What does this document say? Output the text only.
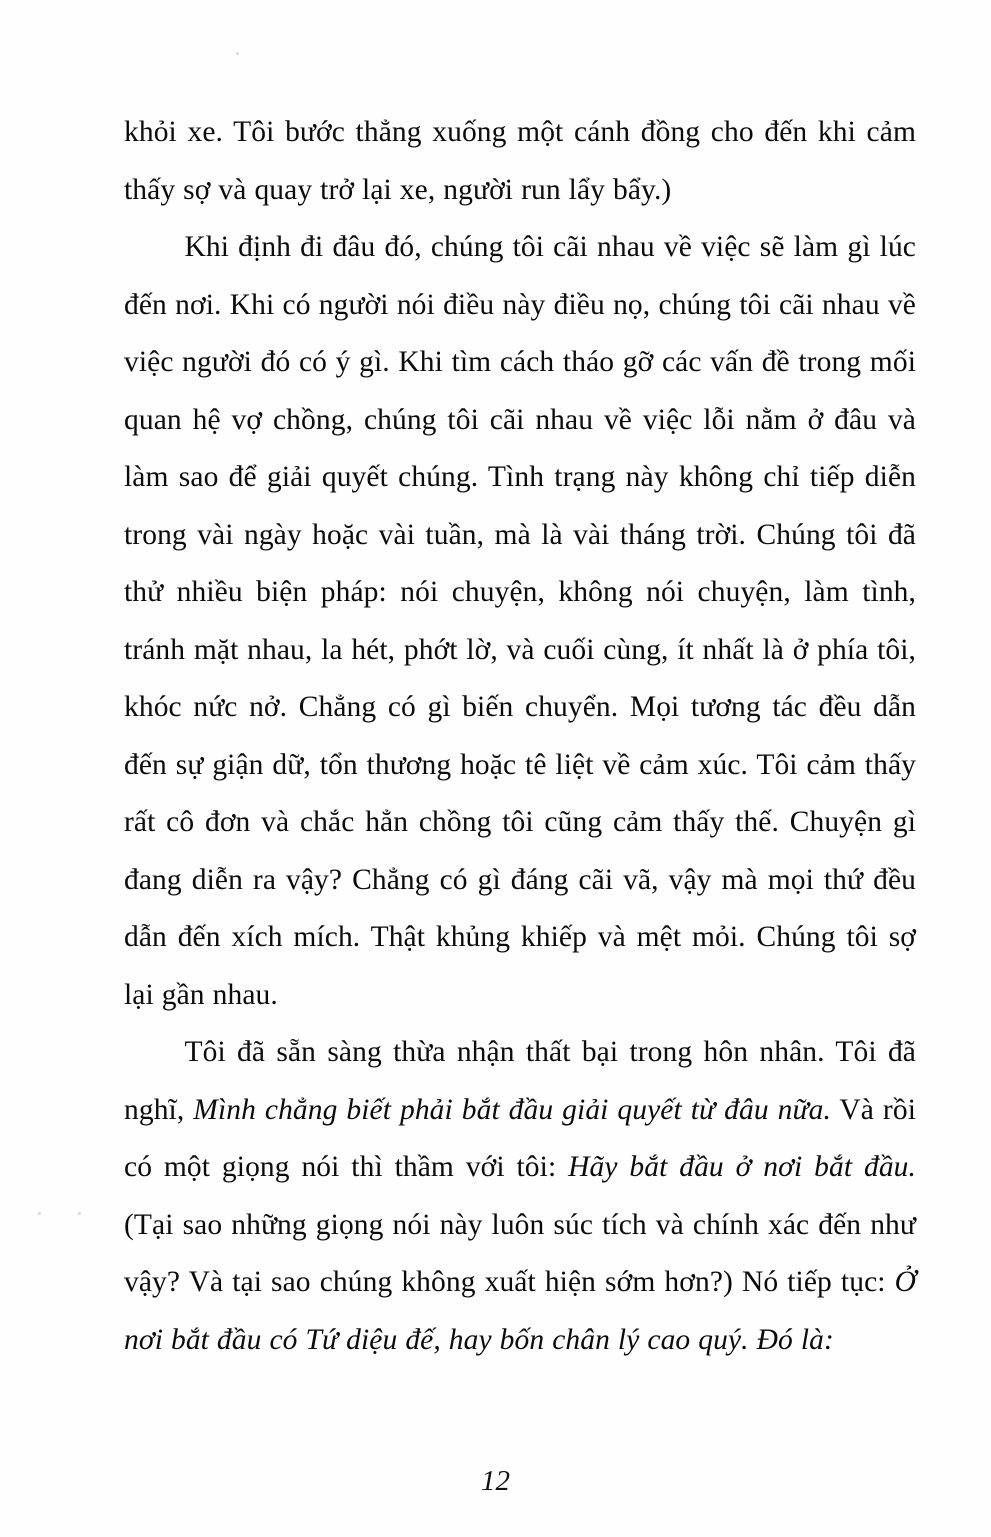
khỏi xe. Tôi bước thẳng xuống một cánh đồng cho đến khi cảm thấy sợ và quay trở lại xe, người run lẩy bẩy.)

Khi định đi đâu đó, chúng tôi cãi nhau về việc sẽ làm gì lúc đến nơi. Khi có người nói điều này điều nọ, chúng tôi cãi nhau về việc người đó có ý gì. Khi tìm cách tháo gỡ các vấn đề trong mối quan hệ vợ chồng, chúng tôi cãi nhau về việc lỗi nằm ở đâu và làm sao để giải quyết chúng. Tình trạng này không chỉ tiếp diễn trong vài ngày hoặc vài tuần, mà là vài tháng trời. Chúng tôi đã thử nhiều biện pháp: nói chuyện, không nói chuyện, làm tình, tránh mặt nhau, la hét, phớt lờ, và cuối cùng, ít nhất là ở phía tôi, khóc nức nở. Chẳng có gì biến chuyển. Mọi tương tác đều dẫn đến sự giận dữ, tổn thương hoặc tê liệt về cảm xúc. Tôi cảm thấy rất cô đơn và chắc hẳn chồng tôi cũng cảm thấy thế. Chuyện gì đang diễn ra vậy? Chẳng có gì đáng cãi vã, vậy mà mọi thứ đều dẫn đến xích mích. Thật khủng khiếp và mệt mỏi. Chúng tôi sợ lại gần nhau.

Tôi đã sẵn sàng thừa nhận thất bại trong hôn nhân. Tôi đã nghĩ, Mình chẳng biết phải bắt đầu giải quyết từ đâu nữa. Và rồi có một giọng nói thì thầm với tôi: Hãy bắt đầu ở nơi bắt đầu. (Tại sao những giọng nói này luôn súc tích và chính xác đến như vậy? Và tại sao chúng không xuất hiện sớm hơn?) Nó tiếp tục: Ở nơi bắt đầu có Tứ diệu đế, hay bốn chân lý cao quý. Đó là:

12
